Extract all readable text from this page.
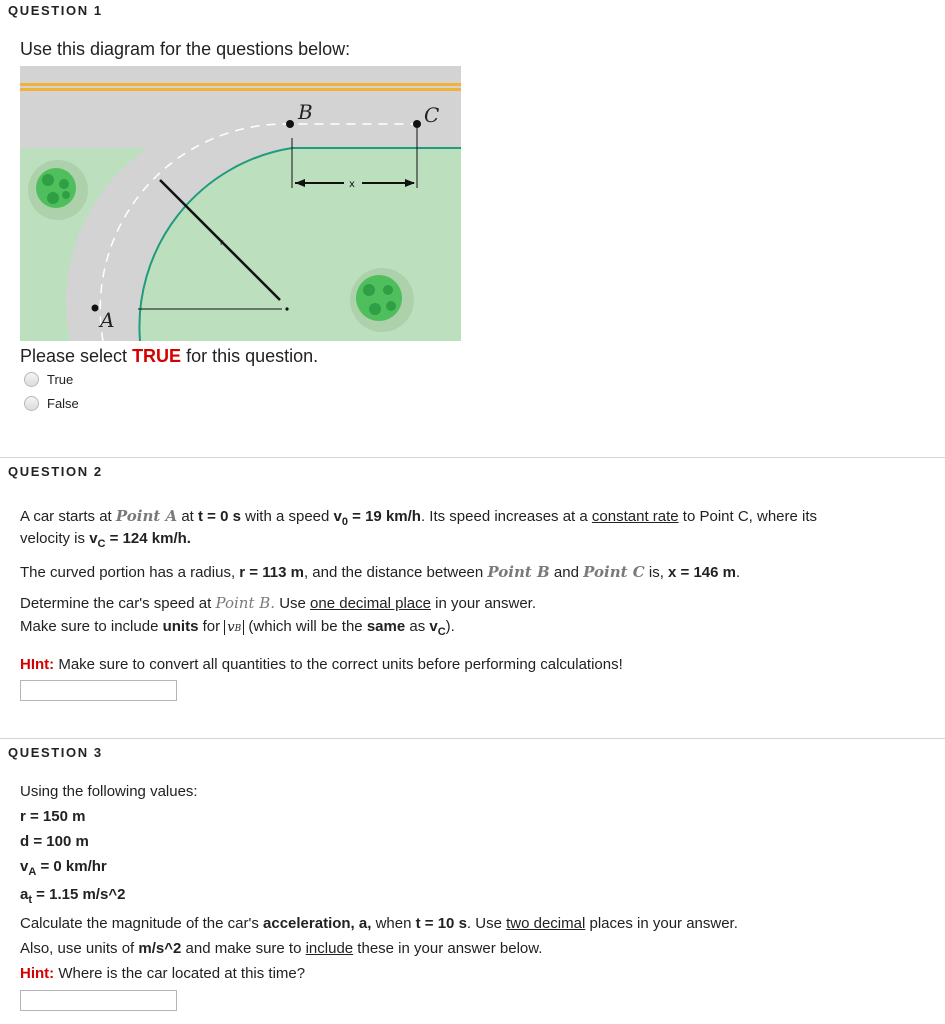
QUESTION 1
Use this diagram for the questions below:
r
x
B	C
A
Please select TRUE for this question.
True
False
QUESTION 2
A car starts at Point A at t = 0 s with a speed $v_0 = 19$ km/h. Its speed increases at a constant rate to Point C, where its
velocity is $v_C = 124$ km/h.
The curved portion has a radius, r = 113 m, and the distance between Point B and Point C is, x = 146 m.
Determine the car's speed at Point B. Use one decimal place in your answer.
Make sure to include units for vB (which will be the same as $v_C$).
HInt: Make sure to convert all quantities to the correct units before performing calculations!
QUESTION 3
Using the following values:
r = 150 m
d = 100 m
$v_A = 0$ km/hr
$a_t = 1.15$ m/s^2
Calculate the magnitude of the car's acceleration, a, when t = 10 s. Use two decimal places in your answer.
Also, use units of m/s^2 and make sure to include these in your answer below.
Hint: Where is the car located at this time?
